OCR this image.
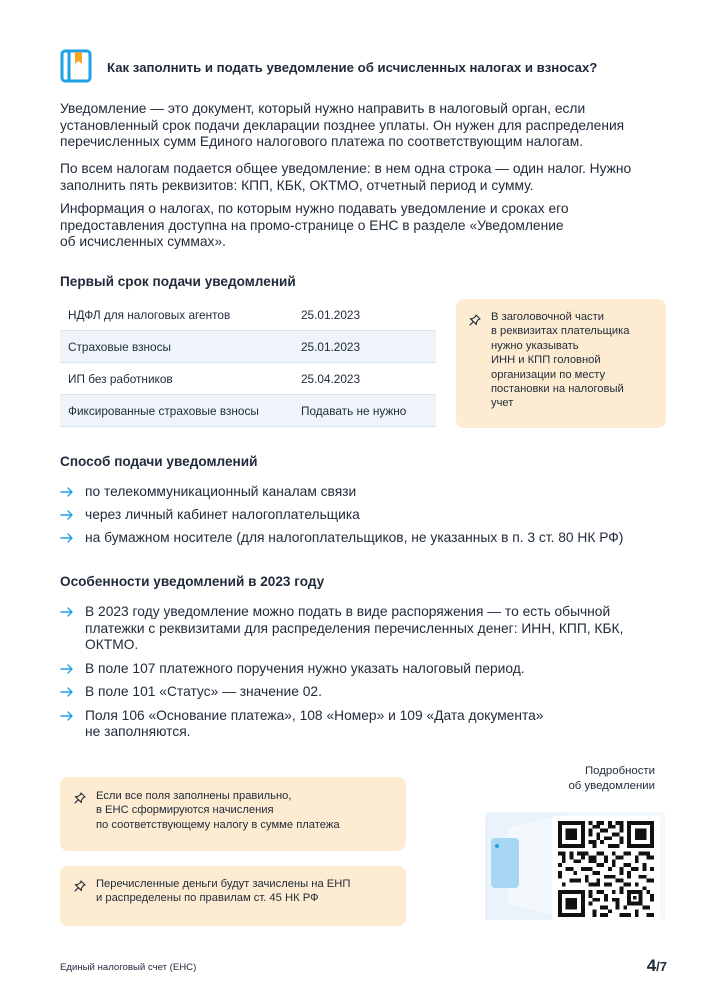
Как заполнить и подать уведомление об исчисленных налогах и взносах?

Уведомление — это документ, который нужно направить в налоговый орган, если

установленный срок подачи декларации позднее уплаты. Он нужен для распределения

перечисленных сумм Единого налогового платежа по соответствующим налогам.

По всем налогам подается общее уведомление: в нем одна строка — один налог. Нужно

заполнить пять реквизитов: КПП, КБК, ОКТМО, отчетный период и сумму.

Информация о налогах, по которым нужно подавать уведомление и сроках его

предоставления доступна на промо-странице о ЕНС в разделе «Уведомление

об исчисленных суммах».

Первый срок подачи уведомлений
НДФЛ для налоговых агентов	25.01.2023
Страховые взносы	25.01.2023
ИП без работников	25.04.2023
Фиксированные страховые взносы	Подавать не нужно
В заголовочной части
в реквизитах плательщика
нужно указывать
ИНН и КПП головной
организации по месту
постановки на налоговый
учет
Способ подачи уведомлений
по телекоммуникационный каналам связи
через личный кабинет налогоплательщика
на бумажном носителе (для налогоплательщиков, не указанных в п. 3 ст. 80 НК РФ)
Особенности уведомлений в 2023 году
В 2023 году уведомление можно подать в виде распоряжения — то есть обычной
платежки с реквизитами для распределения перечисленных денег: ИНН, КПП, КБК,
ОКТМО.
В поле 107 платежного поручения нужно указать налоговый период.
В поле 101 «Статус» — значение 02.
Поля 106 «Основание платежа», 108 «Номер» и 109 «Дата документа»
не заполняются.
Если все поля заполнены правильно,
в ЕНС сформируются начисления
по соответствующему налогу в сумме платежа
Перечисленные деньги будут зачислены на ЕНП
и распределены по правилам ст. 45 НК РФ
Подробности
об уведомлении
Единый налоговый счет (ЕНС)	4/7
